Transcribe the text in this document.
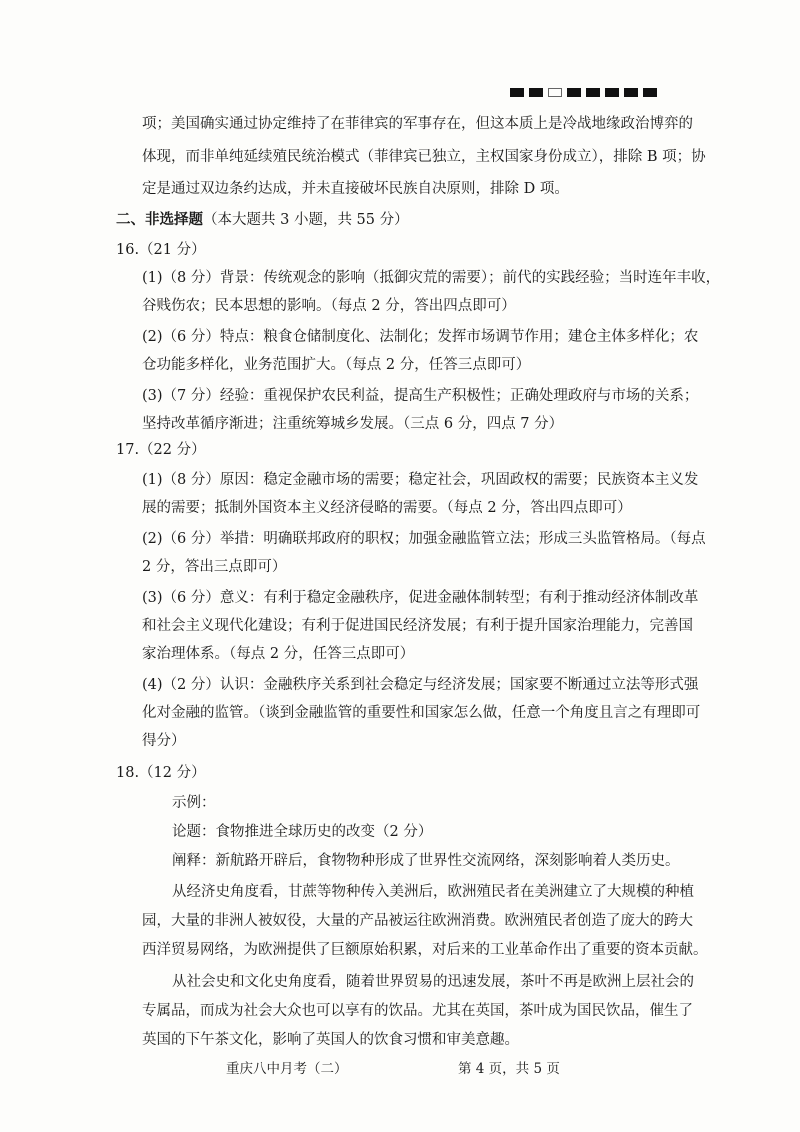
项；美国确实通过协定维持了在菲律宾的军事存在，但这本质上是冷战地缘政治博弈的
体现，而非单纯延续殖民统治模式（菲律宾已独立，主权国家身份成立），排除 B 项；协
定是通过双边条约达成，并未直接破坏民族自决原则，排除 D 项。
二、非选择题（本大题共 3 小题，共 55 分）
16.（21 分）
(1)（8 分）背景：传统观念的影响（抵御灾荒的需要）；前代的实践经验；当时连年丰收，
谷贱伤农；民本思想的影响。（每点 2 分，答出四点即可）
(2)（6 分）特点：粮食仓储制度化、法制化；发挥市场调节作用；建仓主体多样化；农
仓功能多样化，业务范围扩大。（每点 2 分，任答三点即可）
(3)（7 分）经验：重视保护农民利益，提高生产积极性；正确处理政府与市场的关系；
坚持改革循序渐进；注重统筹城乡发展。（三点 6 分，四点 7 分）
17.（22 分）
(1)（8 分）原因：稳定金融市场的需要；稳定社会，巩固政权的需要；民族资本主义发
展的需要；抵制外国资本主义经济侵略的需要。（每点 2 分，答出四点即可）
(2)（6 分）举措：明确联邦政府的职权；加强金融监管立法；形成三头监管格局。（每点
2 分，答出三点即可）
(3)（6 分）意义：有利于稳定金融秩序，促进金融体制转型；有利于推动经济体制改革
和社会主义现代化建设；有利于促进国民经济发展；有利于提升国家治理能力，完善国
家治理体系。（每点 2 分，任答三点即可）
(4)（2 分）认识：金融秩序关系到社会稳定与经济发展；国家要不断通过立法等形式强
化对金融的监管。（谈到金融监管的重要性和国家怎么做，任意一个角度且言之有理即可
得分）
18.（12 分）
示例：
论题：食物推进全球历史的改变（2 分）
阐释：新航路开辟后，食物物种形成了世界性交流网络，深刻影响着人类历史。
从经济史角度看，甘蔗等物种传入美洲后，欧洲殖民者在美洲建立了大规模的种植
园，大量的非洲人被奴役，大量的产品被运往欧洲消费。欧洲殖民者创造了庞大的跨大
西洋贸易网络，为欧洲提供了巨额原始积累，对后来的工业革命作出了重要的资本贡献。
从社会史和文化史角度看，随着世界贸易的迅速发展，茶叶不再是欧洲上层社会的
专属品，而成为社会大众也可以享有的饮品。尤其在英国，茶叶成为国民饮品，催生了
英国的下午茶文化，影响了英国人的饮食习惯和审美意趣。
重庆八中月考（二）	第 4 页，共 5 页
